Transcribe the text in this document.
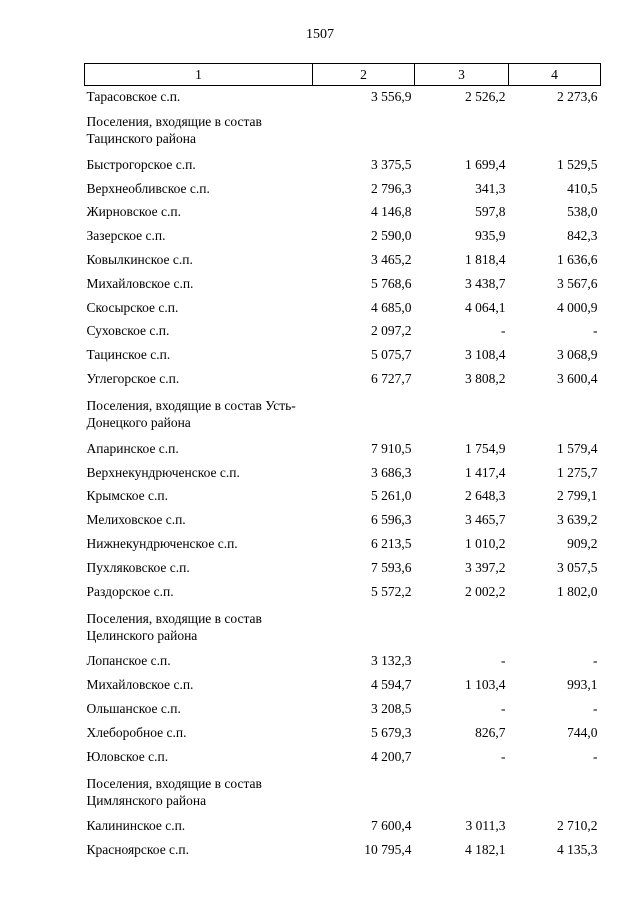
1507
1	2	3	4
Тарасовское с.п.	3 556,9	2 526,2	2 273,6
Поселения, входящие в состав Тацинского района			
Быстрогорское с.п.	3 375,5	1 699,4	1 529,5
Верхнеобливское с.п.	2 796,3	341,3	410,5
Жирновское с.п.	4 146,8	597,8	538,0
Зазерское с.п.	2 590,0	935,9	842,3
Ковылкинское с.п.	3 465,2	1 818,4	1 636,6
Михайловское с.п.	5 768,6	3 438,7	3 567,6
Скосырское с.п.	4 685,0	4 064,1	4 000,9
Суховское с.п.	2 097,2	-	-
Тацинское с.п.	5 075,7	3 108,4	3 068,9
Углегорское с.п.	6 727,7	3 808,2	3 600,4
Поселения, входящие в состав Усть-Донецкого района			
Апаринское с.п.	7 910,5	1 754,9	1 579,4
Верхнекундрюченское с.п.	3 686,3	1 417,4	1 275,7
Крымское с.п.	5 261,0	2 648,3	2 799,1
Мелиховское с.п.	6 596,3	3 465,7	3 639,2
Нижнекундрюченское с.п.	6 213,5	1 010,2	909,2
Пухляковское с.п.	7 593,6	3 397,2	3 057,5
Раздорское с.п.	5 572,2	2 002,2	1 802,0
Поселения, входящие в состав Целинского района			
Лопанское с.п.	3 132,3	-	-
Михайловское с.п.	4 594,7	1 103,4	993,1
Ольшанское с.п.	3 208,5	-	-
Хлеборобное с.п.	5 679,3	826,7	744,0
Юловское с.п.	4 200,7	-	-
Поселения, входящие в состав Цимлянского района			
Калининское с.п.	7 600,4	3 011,3	2 710,2
Красноярское с.п.	10 795,4	4 182,1	4 135,3
